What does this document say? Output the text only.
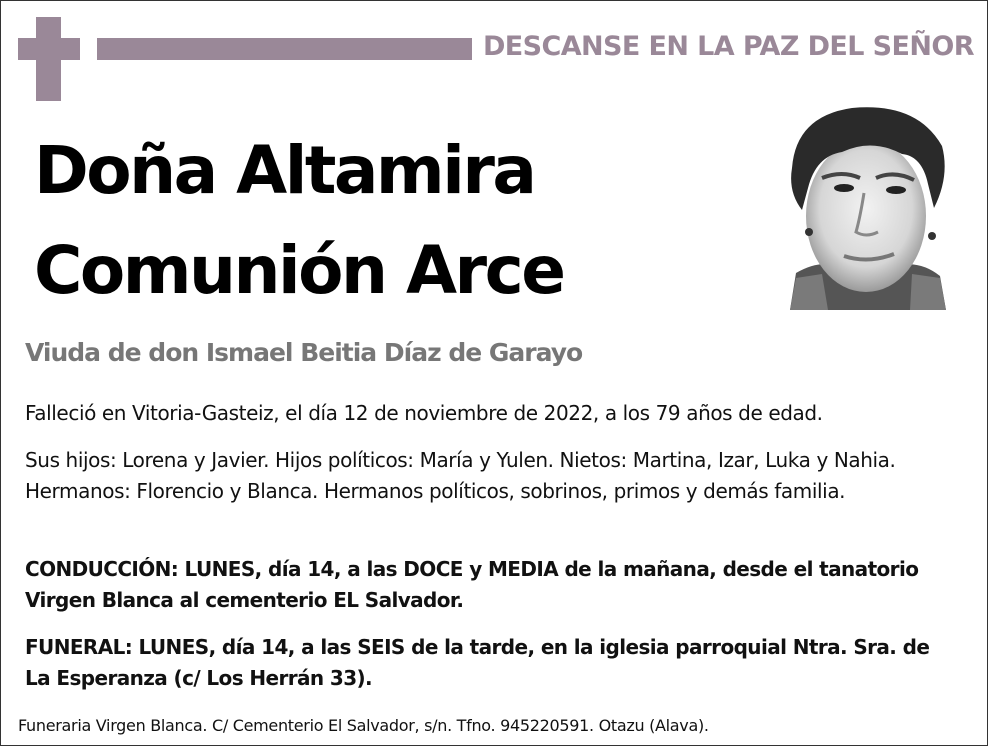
DESCANSE EN LA PAZ DEL SEÑOR
Doña Altamira
Comunión Arce
Viuda de don Ismael Beitia Díaz de Garayo
Falleció en Vitoria-Gasteiz, el día 12 de noviembre de 2022, a los 79 años de edad.
Sus hijos: Lorena y Javier. Hijos políticos: María y Yulen. Nietos: Martina, Izar, Luka y Nahia. Hermanos: Florencio y Blanca. Hermanos políticos, sobrinos, primos y demás familia.
CONDUCCIÓN: LUNES, día 14, a las DOCE y MEDIA de la mañana, desde el tanatorio Virgen Blanca al cementerio EL Salvador.
FUNERAL: LUNES, día 14, a las SEIS de la tarde, en la iglesia parroquial Ntra. Sra. de La Esperanza (c/ Los Herrán 33).
Funeraria Virgen Blanca. C/ Cementerio El Salvador, s/n. Tfno. 945220591. Otazu (Alava).
